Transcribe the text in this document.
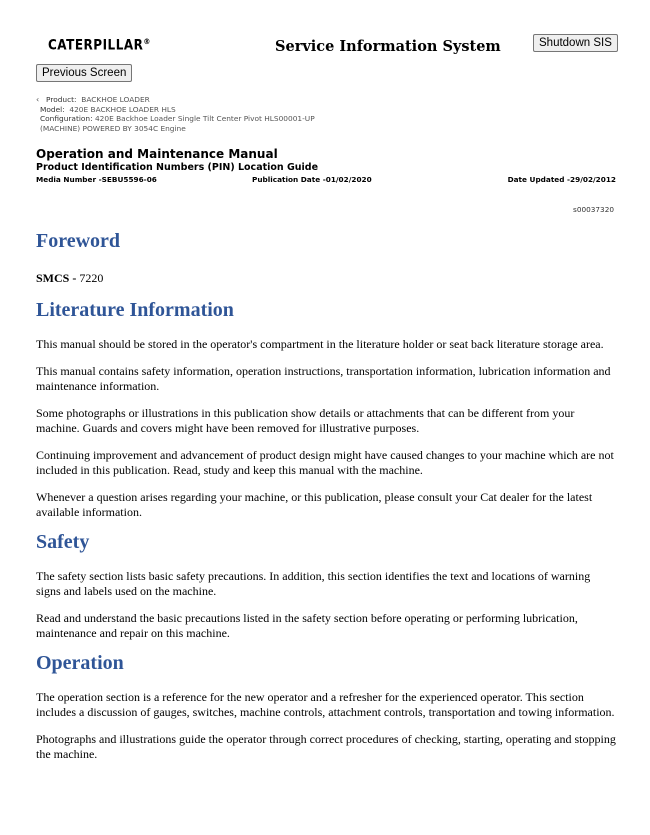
CATERPILLAR®	Service Information System	Shutdown SIS
Previous Screen
‹ Product: BACKHOE LOADER
Model: 420E BACKHOE LOADER HLS
Configuration: 420E Backhoe Loader Single Tilt Center Pivot HLS00001-UP
(MACHINE) POWERED BY 3054C Engine
Operation and Maintenance Manual
Product Identification Numbers (PIN) Location Guide
Media Number -SEBU5596-06	Publication Date -01/02/2020	Date Updated -29/02/2012
s00037320
Foreword

SMCS - 7220

Literature Information

This manual should be stored in the operator's compartment in the literature holder or seat back literature storage area.

This manual contains safety information, operation instructions, transportation information, lubrication information and maintenance information.

Some photographs or illustrations in this publication show details or attachments that can be different from your machine. Guards and covers might have been removed for illustrative purposes.

Continuing improvement and advancement of product design might have caused changes to your machine which are not included in this publication. Read, study and keep this manual with the machine.

Whenever a question arises regarding your machine, or this publication, please consult your Cat dealer for the latest available information.

Safety

The safety section lists basic safety precautions. In addition, this section identifies the text and locations of warning signs and labels used on the machine.

Read and understand the basic precautions listed in the safety section before operating or performing lubrication, maintenance and repair on this machine.

Operation

The operation section is a reference for the new operator and a refresher for the experienced operator. This section includes a discussion of gauges, switches, machine controls, attachment controls, transportation and towing information.

Photographs and illustrations guide the operator through correct procedures of checking, starting, operating and stopping the machine.
